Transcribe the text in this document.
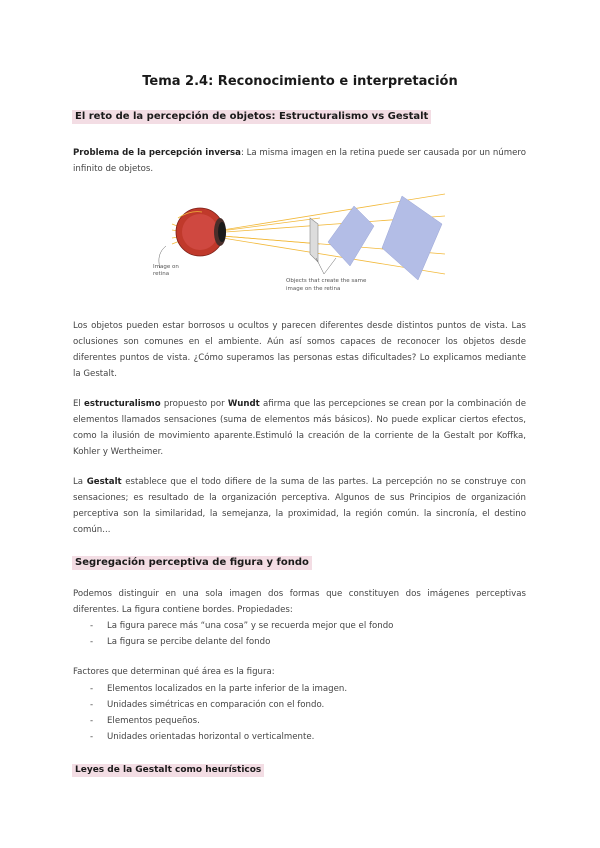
Tema 2.4: Reconocimiento e interpretación
El reto de la percepción de objetos: Estructuralismo vs Gestalt

Problema de la percepción inversa: La misma imagen en la retina puede ser causada por un número infinito de objetos.

Image on
retina
Objects that create the same
image on the retina

Los objetos pueden estar borrosos u ocultos y parecen diferentes desde distintos puntos de vista. Las oclusiones son comunes en el ambiente. Aún así somos capaces de reconocer los objetos desde diferentes puntos de vista. ¿Cómo superamos las personas estas dificultades? Lo explicamos mediante la Gestalt.

El estructuralismo propuesto por Wundt afirma que las percepciones se crean por la combinación de elementos llamados sensaciones (suma de elementos más básicos). No puede explicar ciertos efectos, como la ilusión de movimiento aparente.Estimuló la creación de la corriente de la Gestalt por Koffka, Kohler y Wertheimer.

La Gestalt establece que el todo difiere de la suma de las partes. La percepción no se construye con sensaciones; es resultado de la organización perceptiva. Algunos de sus Principios de organización perceptiva son la similaridad, la semejanza, la proximidad, la región común. la sincronía, el destino común...

Segregación perceptiva de figura y fondo

Podemos distinguir en una sola imagen dos formas que constituyen dos imágenes perceptivas diferentes. La figura contiene bordes. Propiedades:

- La figura parece más “una cosa” y se recuerda mejor que el fondo
- La figura se percibe delante del fondo

Factores que determinan qué área es la figura:

- Elementos localizados en la parte inferior de la imagen.
- Unidades simétricas en comparación con el fondo.
- Elementos pequeños.
- Unidades orientadas horizontal o verticalmente.
Leyes de la Gestalt como heurísticos
